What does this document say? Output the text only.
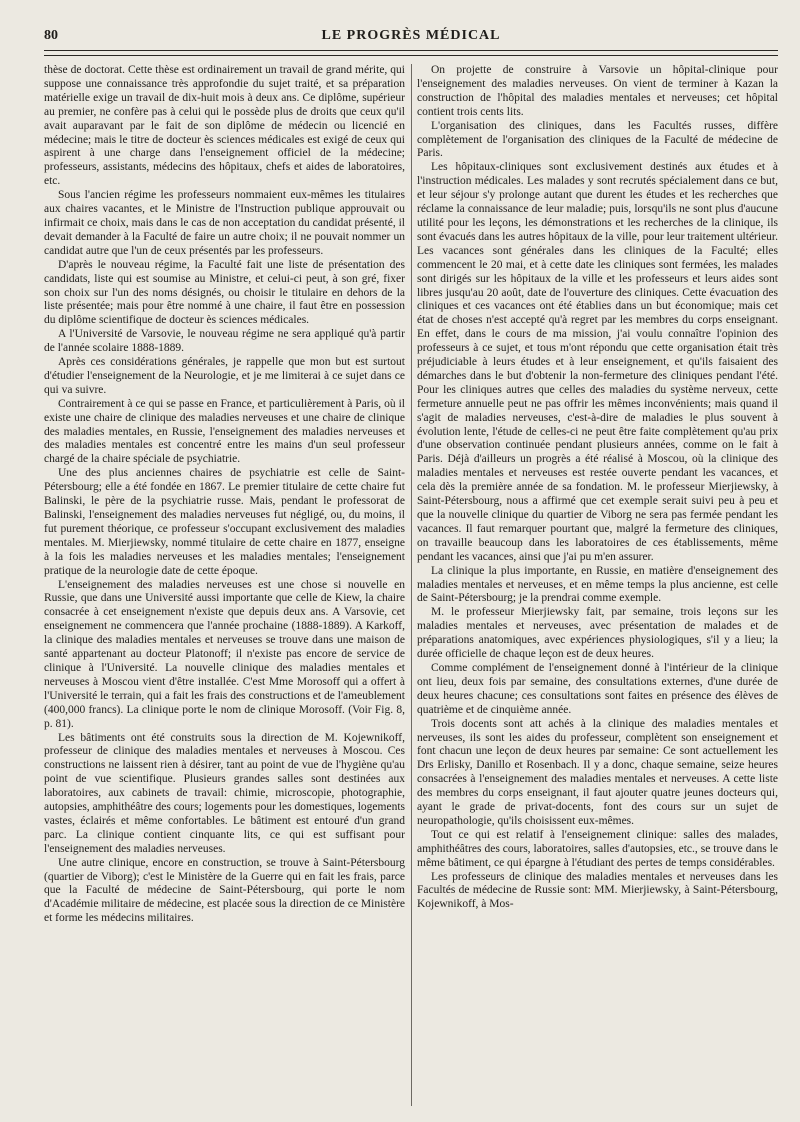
80	LE PROGRÈS MÉDICAL

thèse de doctorat. Cette thèse est ordinairement un travail de grand mérite, qui suppose une connaissance très approfondie du sujet traité, et sa préparation matérielle exige un travail de dix-huit mois à deux ans. Ce diplôme, supérieur au premier, ne confère pas à celui qui le possède plus de droits que ceux qu'il avait auparavant par le fait de son diplôme de médecin ou licencié en médecine; mais le titre de docteur ès sciences médicales est exigé de ceux qui aspirent à une charge dans l'enseignement officiel de la médecine; professeurs, assistants, médecins des hôpitaux, chefs et aides de laboratoires, etc.

Sous l'ancien régime les professeurs nommaient eux-mêmes les titulaires aux chaires vacantes, et le Ministre de l'Instruction publique approuvait ou infirmait ce choix, mais dans le cas de non acceptation du candidat présenté, il devait demander à la Faculté de faire un autre choix; il ne pouvait nommer un candidat autre que l'un de ceux présentés par les professeurs.

D'après le nouveau régime, la Faculté fait une liste de présentation des candidats, liste qui est soumise au Ministre, et celui-ci peut, à son gré, fixer son choix sur l'un des noms désignés, ou choisir le titulaire en dehors de la liste présentée; mais pour être nommé à une chaire, il faut être en possession du diplôme scientifique de docteur ès sciences médicales.

A l'Université de Varsovie, le nouveau régime ne sera appliqué qu'à partir de l'année scolaire 1888-1889.

Après ces considérations générales, je rappelle que mon but est surtout d'étudier l'enseignement de la Neurologie, et je me limiterai à ce sujet dans ce qui va suivre.

Contrairement à ce qui se passe en France, et particulièrement à Paris, où il existe une chaire de clinique des maladies nerveuses et une chaire de clinique des maladies mentales, en Russie, l'enseignement des maladies nerveuses et des maladies mentales est concentré entre les mains d'un seul professeur chargé de la chaire spéciale de psychiatrie.

Une des plus anciennes chaires de psychiatrie est celle de Saint-Pétersbourg; elle a été fondée en 1867. Le premier titulaire de cette chaire fut Balinski, le père de la psychiatrie russe. Mais, pendant le professorat de Balinski, l'enseignement des maladies nerveuses fut négligé, ou, du moins, il fut purement théorique, ce professeur s'occupant exclusivement des maladies mentales. M. Mierjiewsky, nommé titulaire de cette chaire en 1877, enseigne à la fois les maladies nerveuses et les maladies mentales; l'enseignement pratique de la neurologie date de cette époque.

L'enseignement des maladies nerveuses est une chose si nouvelle en Russie, que dans une Université aussi importante que celle de Kiew, la chaire consacrée à cet enseignement n'existe que depuis deux ans. A Varsovie, cet enseignement ne commencera que l'année prochaine (1888-1889). A Karkoff, la clinique des maladies mentales et nerveuses se trouve dans une maison de santé appartenant au docteur Platonoff; il n'existe pas encore de service de clinique à l'Université. La nouvelle clinique des maladies mentales et nerveuses à Moscou vient d'être installée. C'est Mme Morosoff qui a offert à l'Université le terrain, qui a fait les frais des constructions et de l'ameublement (400,000 francs). La clinique porte le nom de clinique Morosoff. (Voir Fig. 8, p. 81).

Les bâtiments ont été construits sous la direction de M. Kojewnikoff, professeur de clinique des maladies mentales et nerveuses à Moscou. Ces constructions ne laissent rien à désirer, tant au point de vue de l'hygiène qu'au point de vue scientifique. Plusieurs grandes salles sont destinées aux laboratoires, aux cabinets de travail: chimie, microscopie, photographie, autopsies, amphithéâtre des cours; logements pour les domestiques, logements vastes, éclairés et même confortables. Le bâtiment est entouré d'un grand parc. La clinique contient cinquante lits, ce qui est suffisant pour l'enseignement des maladies nerveuses.

Une autre clinique, encore en construction, se trouve à Saint-Pétersbourg (quartier de Viborg); c'est le Ministère de la Guerre qui en fait les frais, parce que la Faculté de médecine de Saint-Pétersbourg, qui porte le nom d'Académie militaire de médecine, est placée sous la direction de ce Ministère et forme les médecins militaires.

On projette de construire à Varsovie un hôpital-clinique pour l'enseignement des maladies nerveuses. On vient de terminer à Kazan la construction de l'hôpital des maladies mentales et nerveuses; cet hôpital contient trois cents lits.

L'organisation des cliniques, dans les Facultés russes, diffère complètement de l'organisation des cliniques de la Faculté de médecine de Paris.

Les hôpitaux-cliniques sont exclusivement destinés aux études et à l'instruction médicales. Les malades y sont recrutés spécialement dans ce but, et leur séjour s'y prolonge autant que durent les études et les recherches que réclame la connaissance de leur maladie; puis, lorsqu'ils ne sont plus d'aucune utilité pour les leçons, les démonstrations et les recherches de la clinique, ils sont évacués dans les autres hôpitaux de la ville, pour leur traitement ultérieur. Les vacances sont générales dans les cliniques de la Faculté; elles commencent le 20 mai, et à cette date les cliniques sont fermées, les malades sont dirigés sur les hôpitaux de la ville et les professeurs et leurs aides sont libres jusqu'au 20 août, date de l'ouverture des cliniques. Cette évacuation des cliniques et ces vacances ont été établies dans un but économique; mais cet état de choses n'est accepté qu'à regret par les membres du corps enseignant. En effet, dans le cours de ma mission, j'ai voulu connaître l'opinion des professeurs à ce sujet, et tous m'ont répondu que cette organisation était très préjudiciable à leurs études et à leur enseignement, et qu'ils faisaient des démarches dans le but d'obtenir la non-fermeture des cliniques pendant l'été. Pour les cliniques autres que celles des maladies du système nerveux, cette fermeture annuelle peut ne pas offrir les mêmes inconvénients; mais quand il s'agit de maladies nerveuses, c'est-à-dire de maladies le plus souvent à évolution lente, l'étude de celles-ci ne peut être faite complètement qu'au prix d'une observation continuée pendant plusieurs années, comme on le fait à Paris. Déjà d'ailleurs un progrès a été réalisé à Moscou, où la clinique des maladies mentales et nerveuses est restée ouverte pendant les vacances, et cela dès la première année de sa fondation. M. le professeur Mierjiewsky, à Saint-Pétersbourg, nous a affirmé que cet exemple serait suivi peu à peu et que la nouvelle clinique du quartier de Viborg ne sera pas fermée pendant les vacances. Il faut remarquer pourtant que, malgré la fermeture des cliniques, on travaille beaucoup dans les laboratoires de ces établissements, même pendant les vacances, ainsi que j'ai pu m'en assurer.

La clinique la plus importante, en Russie, en matière d'enseignement des maladies mentales et nerveuses, et en même temps la plus ancienne, est celle de Saint-Pétersbourg; je la prendrai comme exemple.

M. le professeur Mierjiewsky fait, par semaine, trois leçons sur les maladies mentales et nerveuses, avec présentation de malades et de préparations anatomiques, avec expériences physiologiques, s'il y a lieu; la durée officielle de chaque leçon est de deux heures.

Comme complément de l'enseignement donné à l'intérieur de la clinique ont lieu, deux fois par semaine, des consultations externes, d'une durée de deux heures chacune; ces consultations sont faites en présence des élèves de quatrième et de cinquième année.

Trois docents sont att achés à la clinique des maladies mentales et nerveuses, ils sont les aides du professeur, complètent son enseignement et font chacun une leçon de deux heures par semaine: Ce sont actuellement les Drs Erlisky, Danillo et Rosenbach. Il y a donc, chaque semaine, seize heures consacrées à l'enseignement des maladies mentales et nerveuses. A cette liste des membres du corps enseignant, il faut ajouter quatre jeunes docteurs qui, ayant le grade de privat-docents, font des cours sur un sujet de neuropathologie, qu'ils choisissent eux-mêmes.

Tout ce qui est relatif à l'enseignement clinique: salles des malades, amphithéâtres des cours, laboratoires, salles d'autopsies, etc., se trouve dans le même bâtiment, ce qui épargne à l'étudiant des pertes de temps considérables.

Les professeurs de clinique des maladies mentales et nerveuses dans les Facultés de médecine de Russie sont: MM. Mierjiewsky, à Saint-Pétersbourg, Kojewnikoff, à Mos-
